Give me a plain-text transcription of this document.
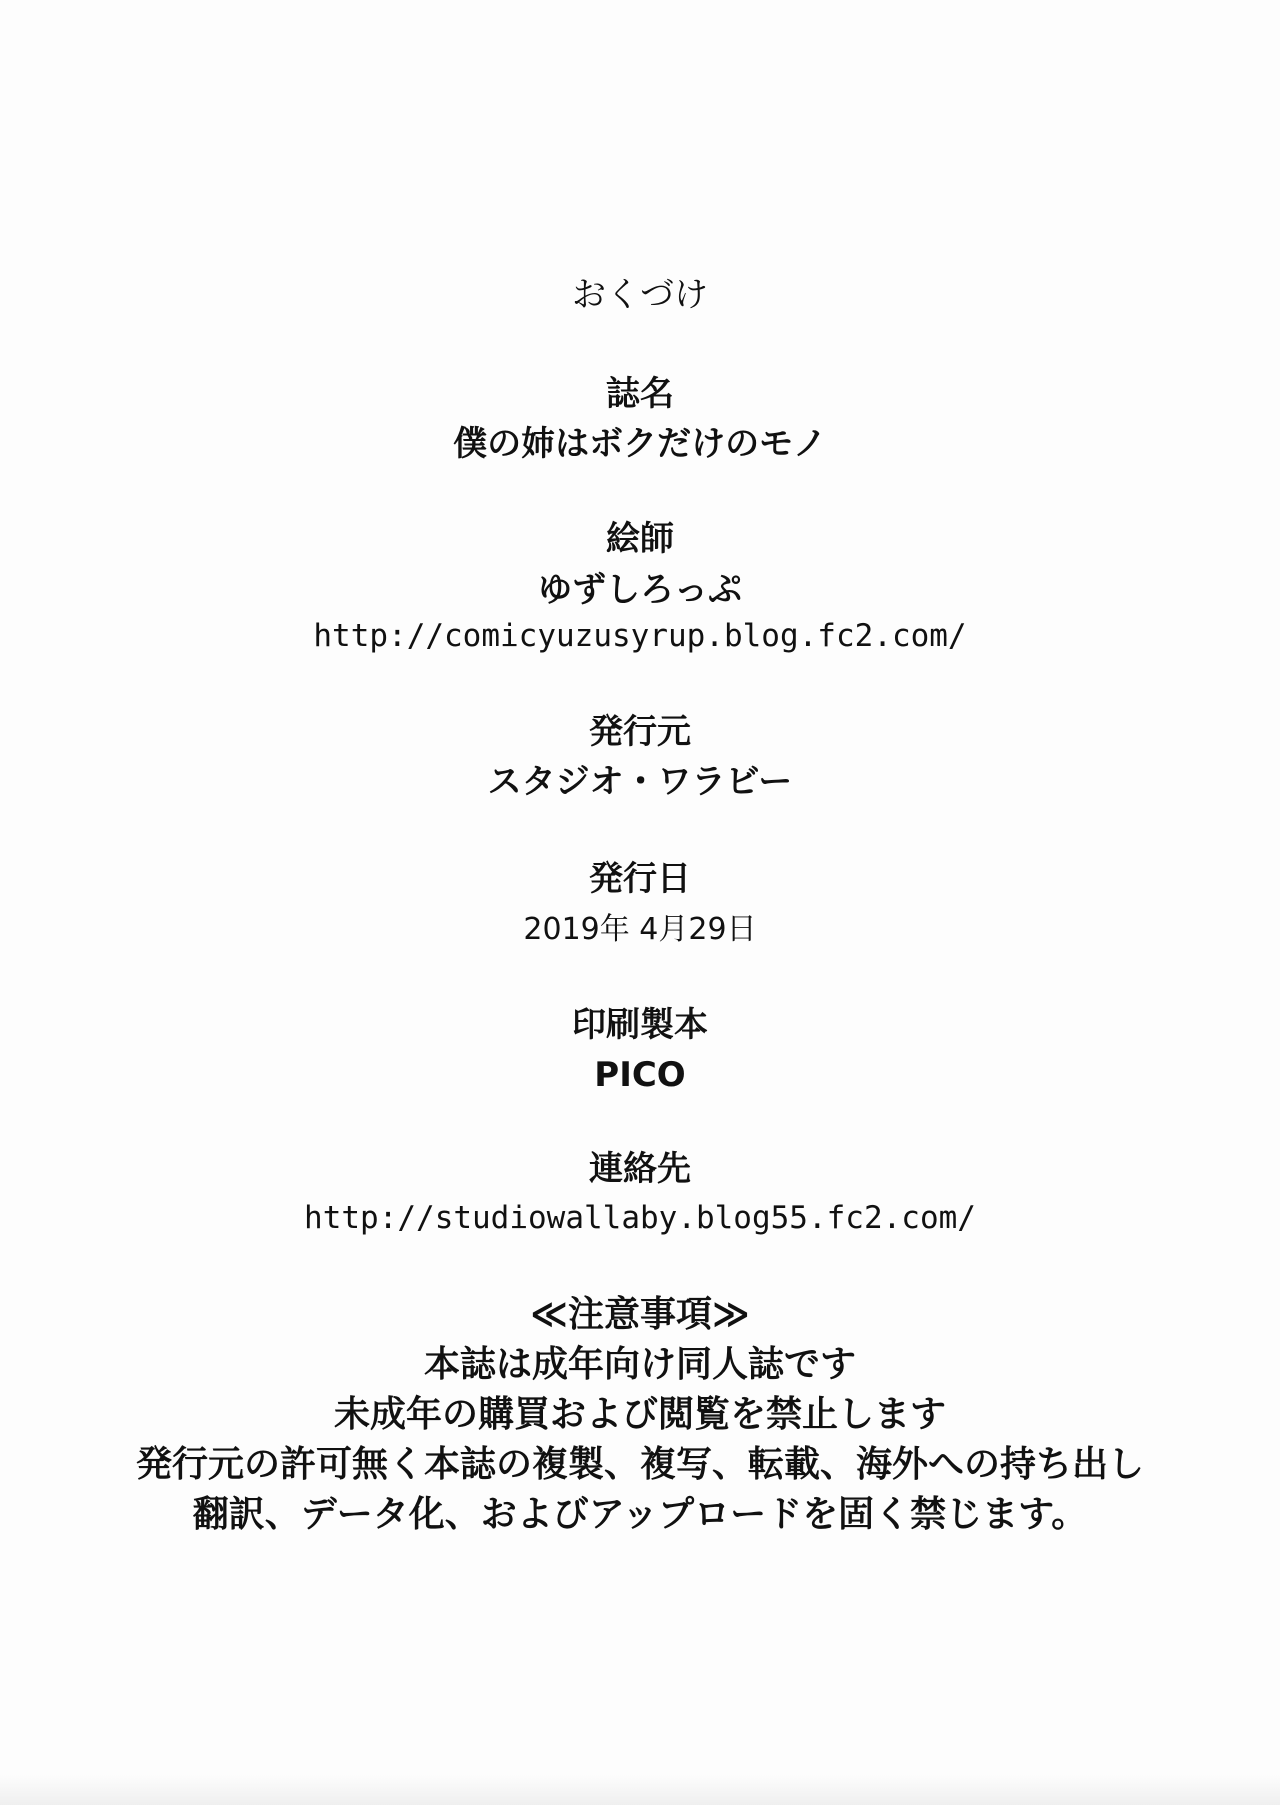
おくづけ
誌名
僕の姉はボクだけのモノ
絵師
ゆずしろっぷ
http://comicyuzusyrup.blog.fc2.com/
発行元
スタジオ・ワラビー
発行日
2019年 4月29日
印刷製本
PICO
連絡先
http://studiowallaby.blog55.fc2.com/
≪注意事項≫
本誌は成年向け同人誌です
未成年の購買および閲覧を禁止します
発行元の許可無く本誌の複製、複写、転載、海外への持ち出し
翻訳、データ化、およびアップロードを固く禁じます。
